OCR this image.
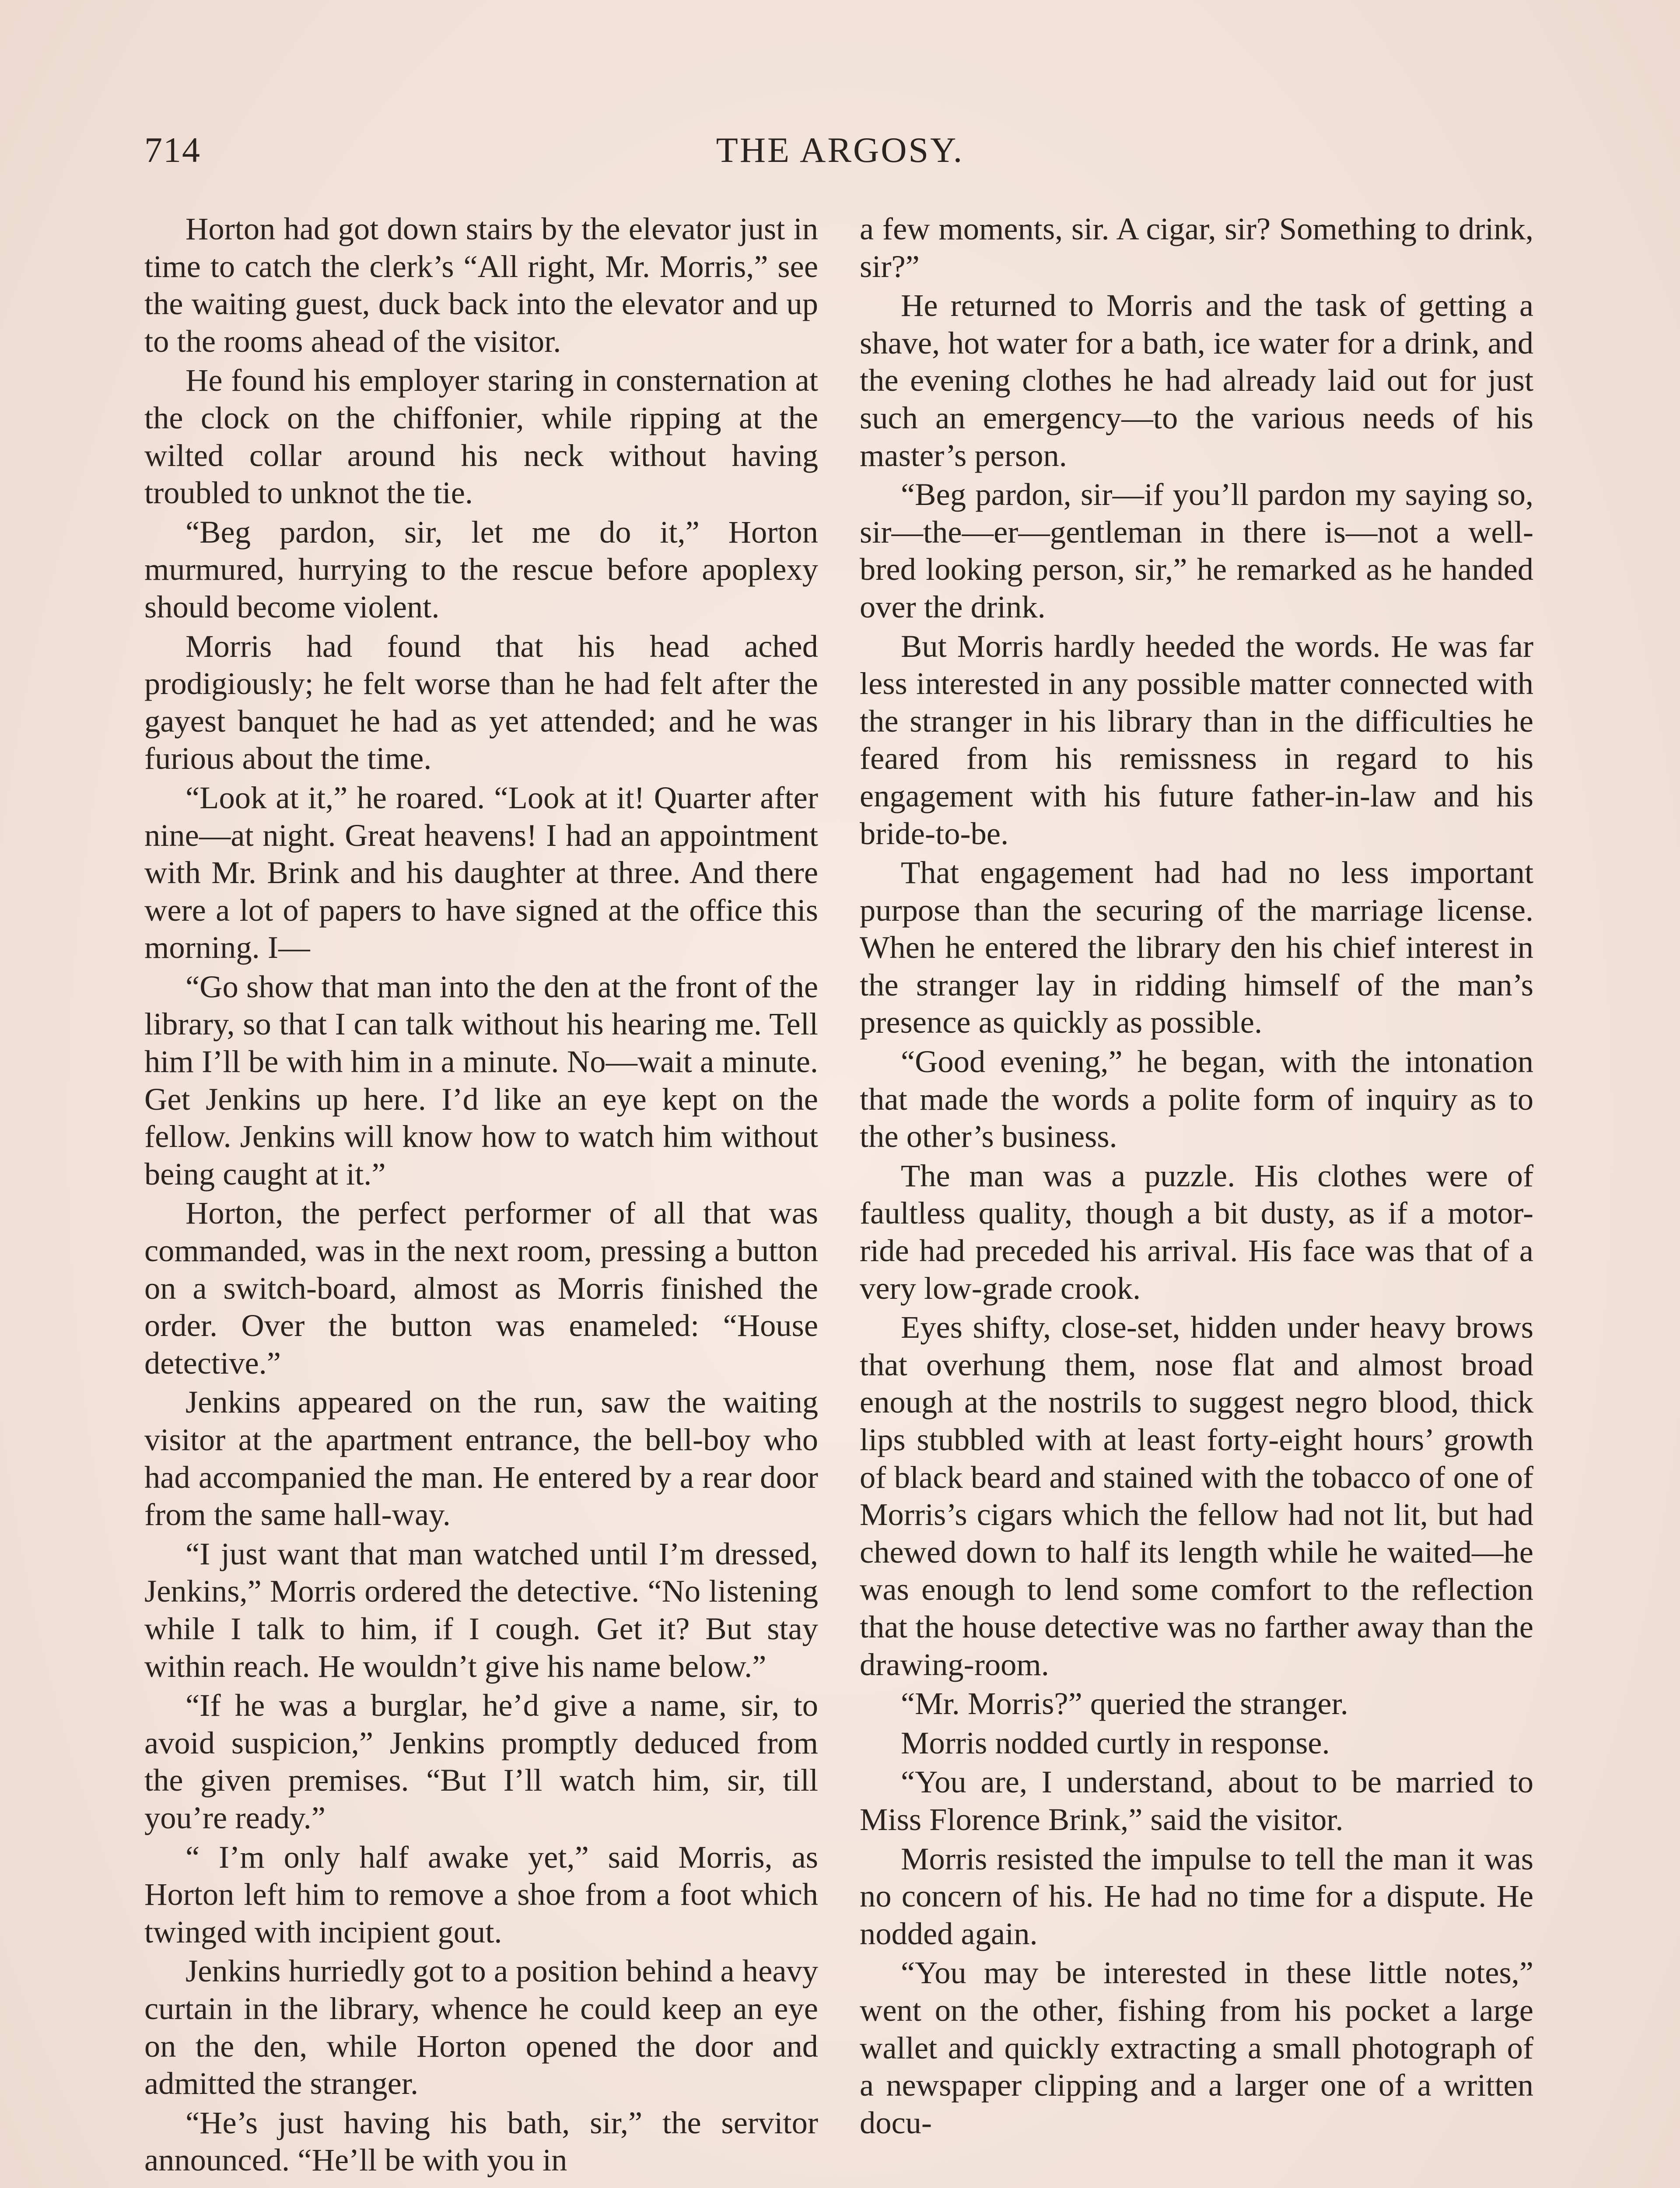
714	THE ARGOSY.

Horton had got down stairs by the elevator just in time to catch the clerk’s “All right, Mr. Morris,” see the waiting guest, duck back into the elevator and up to the rooms ahead of the visitor.

He found his employer staring in consternation at the clock on the chiffonier, while ripping at the wilted collar around his neck without having troubled to unknot the tie.

“Beg pardon, sir, let me do it,” Horton murmured, hurrying to the rescue before apoplexy should become violent.

Morris had found that his head ached prodigiously; he felt worse than he had felt after the gayest banquet he had as yet attended; and he was furious about the time.

“Look at it,” he roared. “Look at it! Quarter after nine—at night. Great heavens! I had an appointment with Mr. Brink and his daughter at three. And there were a lot of papers to have signed at the office this morning. I—

“Go show that man into the den at the front of the library, so that I can talk without his hearing me. Tell him I’ll be with him in a minute. No—wait a minute. Get Jenkins up here. I’d like an eye kept on the fellow. Jenkins will know how to watch him without being caught at it.”

Horton, the perfect performer of all that was commanded, was in the next room, pressing a button on a switch-board, almost as Morris finished the order. Over the button was enameled: “House detective.”

Jenkins appeared on the run, saw the waiting visitor at the apartment entrance, the bell-boy who had accompanied the man. He entered by a rear door from the same hall-way.

“I just want that man watched until I’m dressed, Jenkins,” Morris ordered the detective. “No listening while I talk to him, if I cough. Get it? But stay within reach. He wouldn’t give his name below.”

“If he was a burglar, he’d give a name, sir, to avoid suspicion,” Jenkins promptly deduced from the given premises. “But I’ll watch him, sir, till you’re ready.”

“ I’m only half awake yet,” said Morris, as Horton left him to remove a shoe from a foot which twinged with incipient gout.

Jenkins hurriedly got to a position behind a heavy curtain in the library, whence he could keep an eye on the den, while Horton opened the door and admitted the stranger.

“He’s just having his bath, sir,” the servitor announced. “He’ll be with you in

a few moments, sir. A cigar, sir? Something to drink, sir?”

He returned to Morris and the task of getting a shave, hot water for a bath, ice water for a drink, and the evening clothes he had already laid out for just such an emergency—to the various needs of his master’s person.

“Beg pardon, sir—if you’ll pardon my saying so, sir—the—er—gentleman in there is—not a well-bred looking person, sir,” he remarked as he handed over the drink.

But Morris hardly heeded the words. He was far less interested in any possible matter connected with the stranger in his library than in the difficulties he feared from his remissness in regard to his engagement with his future father-in-law and his bride-to-be.

That engagement had had no less important purpose than the securing of the marriage license. When he entered the library den his chief interest in the stranger lay in ridding himself of the man’s presence as quickly as possible.

“Good evening,” he began, with the intonation that made the words a polite form of inquiry as to the other’s business.

The man was a puzzle. His clothes were of faultless quality, though a bit dusty, as if a motor-ride had preceded his arrival. His face was that of a very low-grade crook.

Eyes shifty, close-set, hidden under heavy brows that overhung them, nose flat and almost broad enough at the nostrils to suggest negro blood, thick lips stubbled with at least forty-eight hours’ growth of black beard and stained with the tobacco of one of Morris’s cigars which the fellow had not lit, but had chewed down to half its length while he waited—he was enough to lend some comfort to the reflection that the house detective was no farther away than the drawing-room.

“Mr. Morris?” queried the stranger.

Morris nodded curtly in response.

“You are, I understand, about to be married to Miss Florence Brink,” said the visitor.

Morris resisted the impulse to tell the man it was no concern of his. He had no time for a dispute. He nodded again.

“You may be interested in these little notes,” went on the other, fishing from his pocket a large wallet and quickly extracting a small photograph of a newspaper clipping and a larger one of a written docu-
